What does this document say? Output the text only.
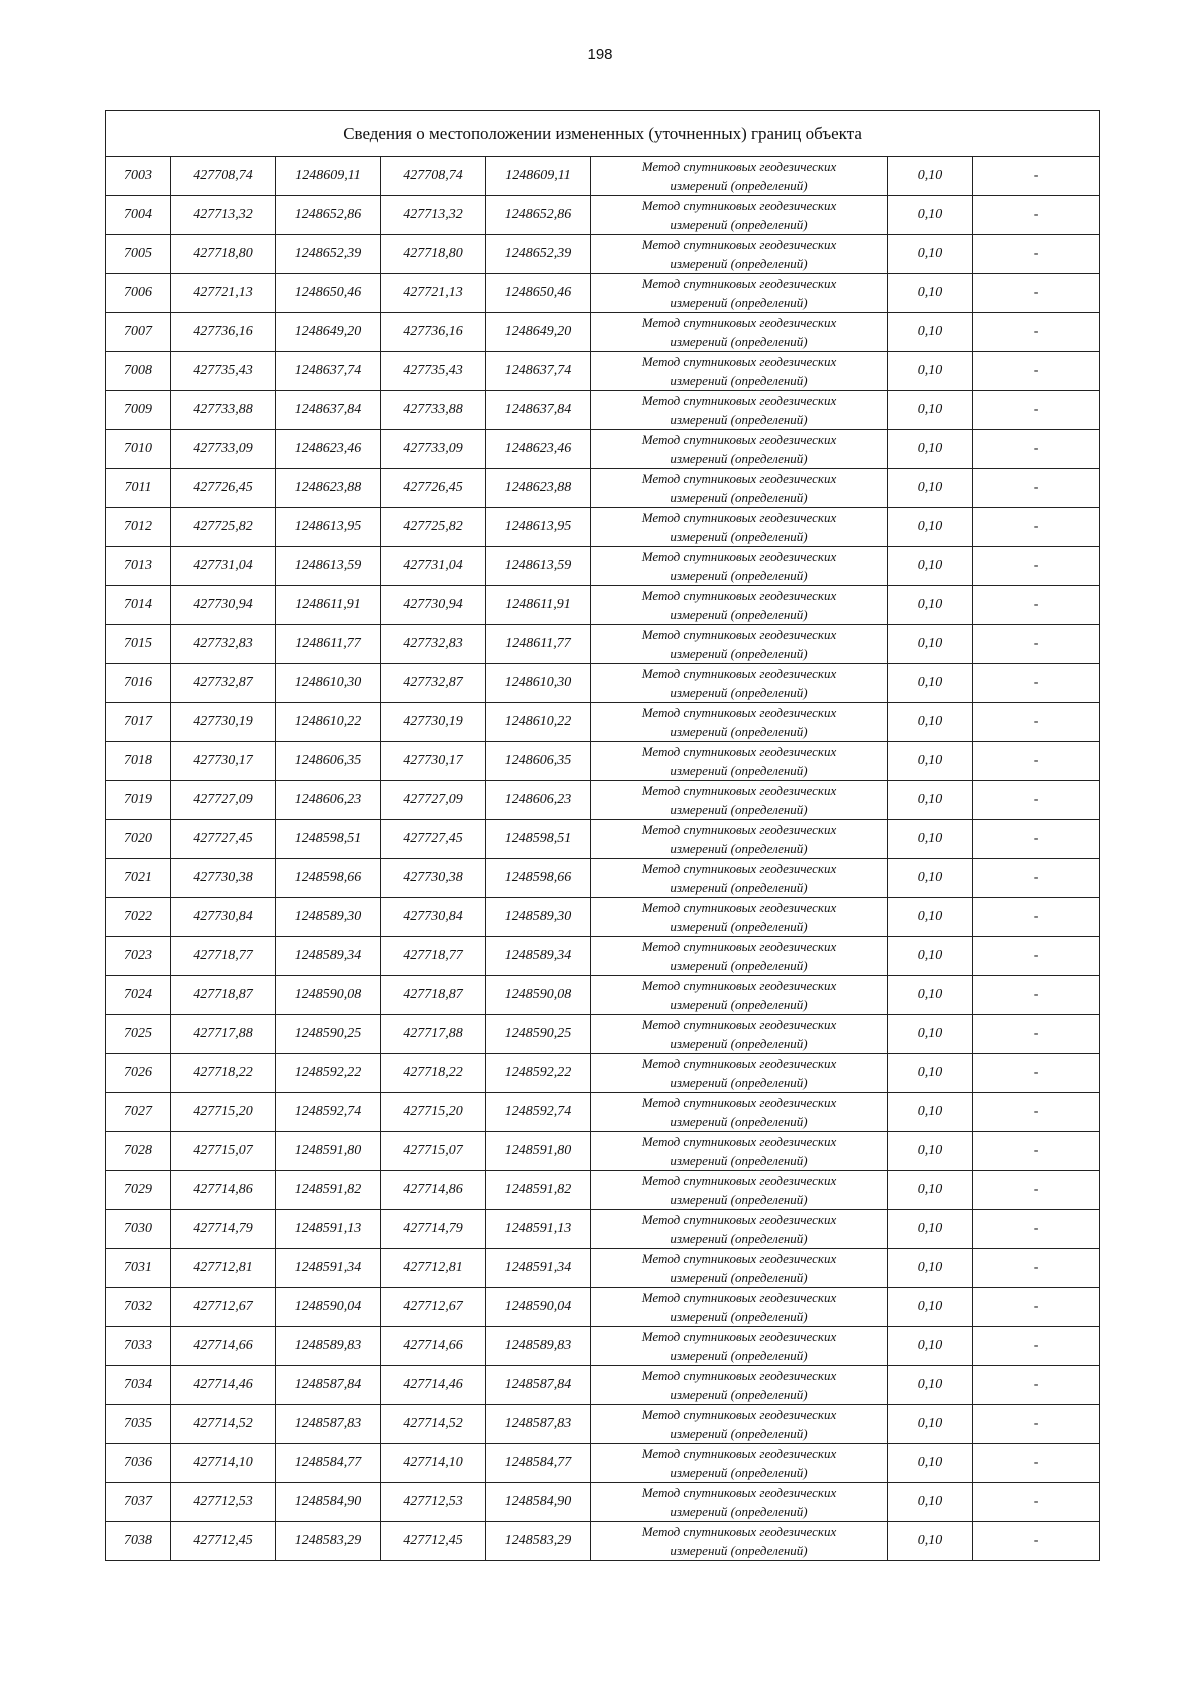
198
Сведения о местоположении измененных (уточненных) границ объекта							
7003	427708,74	1248609,11	427708,74	1248609,11	Метод спутниковых геодезических
измерений (определений)	0,10	-
7004	427713,32	1248652,86	427713,32	1248652,86	Метод спутниковых геодезических
измерений (определений)	0,10	-
7005	427718,80	1248652,39	427718,80	1248652,39	Метод спутниковых геодезических
измерений (определений)	0,10	-
7006	427721,13	1248650,46	427721,13	1248650,46	Метод спутниковых геодезических
измерений (определений)	0,10	-
7007	427736,16	1248649,20	427736,16	1248649,20	Метод спутниковых геодезических
измерений (определений)	0,10	-
7008	427735,43	1248637,74	427735,43	1248637,74	Метод спутниковых геодезических
измерений (определений)	0,10	-
7009	427733,88	1248637,84	427733,88	1248637,84	Метод спутниковых геодезических
измерений (определений)	0,10	-
7010	427733,09	1248623,46	427733,09	1248623,46	Метод спутниковых геодезических
измерений (определений)	0,10	-
7011	427726,45	1248623,88	427726,45	1248623,88	Метод спутниковых геодезических
измерений (определений)	0,10	-
7012	427725,82	1248613,95	427725,82	1248613,95	Метод спутниковых геодезических
измерений (определений)	0,10	-
7013	427731,04	1248613,59	427731,04	1248613,59	Метод спутниковых геодезических
измерений (определений)	0,10	-
7014	427730,94	1248611,91	427730,94	1248611,91	Метод спутниковых геодезических
измерений (определений)	0,10	-
7015	427732,83	1248611,77	427732,83	1248611,77	Метод спутниковых геодезических
измерений (определений)	0,10	-
7016	427732,87	1248610,30	427732,87	1248610,30	Метод спутниковых геодезических
измерений (определений)	0,10	-
7017	427730,19	1248610,22	427730,19	1248610,22	Метод спутниковых геодезических
измерений (определений)	0,10	-
7018	427730,17	1248606,35	427730,17	1248606,35	Метод спутниковых геодезических
измерений (определений)	0,10	-
7019	427727,09	1248606,23	427727,09	1248606,23	Метод спутниковых геодезических
измерений (определений)	0,10	-
7020	427727,45	1248598,51	427727,45	1248598,51	Метод спутниковых геодезических
измерений (определений)	0,10	-
7021	427730,38	1248598,66	427730,38	1248598,66	Метод спутниковых геодезических
измерений (определений)	0,10	-
7022	427730,84	1248589,30	427730,84	1248589,30	Метод спутниковых геодезических
измерений (определений)	0,10	-
7023	427718,77	1248589,34	427718,77	1248589,34	Метод спутниковых геодезических
измерений (определений)	0,10	-
7024	427718,87	1248590,08	427718,87	1248590,08	Метод спутниковых геодезических
измерений (определений)	0,10	-
7025	427717,88	1248590,25	427717,88	1248590,25	Метод спутниковых геодезических
измерений (определений)	0,10	-
7026	427718,22	1248592,22	427718,22	1248592,22	Метод спутниковых геодезических
измерений (определений)	0,10	-
7027	427715,20	1248592,74	427715,20	1248592,74	Метод спутниковых геодезических
измерений (определений)	0,10	-
7028	427715,07	1248591,80	427715,07	1248591,80	Метод спутниковых геодезических
измерений (определений)	0,10	-
7029	427714,86	1248591,82	427714,86	1248591,82	Метод спутниковых геодезических
измерений (определений)	0,10	-
7030	427714,79	1248591,13	427714,79	1248591,13	Метод спутниковых геодезических
измерений (определений)	0,10	-
7031	427712,81	1248591,34	427712,81	1248591,34	Метод спутниковых геодезических
измерений (определений)	0,10	-
7032	427712,67	1248590,04	427712,67	1248590,04	Метод спутниковых геодезических
измерений (определений)	0,10	-
7033	427714,66	1248589,83	427714,66	1248589,83	Метод спутниковых геодезических
измерений (определений)	0,10	-
7034	427714,46	1248587,84	427714,46	1248587,84	Метод спутниковых геодезических
измерений (определений)	0,10	-
7035	427714,52	1248587,83	427714,52	1248587,83	Метод спутниковых геодезических
измерений (определений)	0,10	-
7036	427714,10	1248584,77	427714,10	1248584,77	Метод спутниковых геодезических
измерений (определений)	0,10	-
7037	427712,53	1248584,90	427712,53	1248584,90	Метод спутниковых геодезических
измерений (определений)	0,10	-
7038	427712,45	1248583,29	427712,45	1248583,29	Метод спутниковых геодезических
измерений (определений)	0,10	-
